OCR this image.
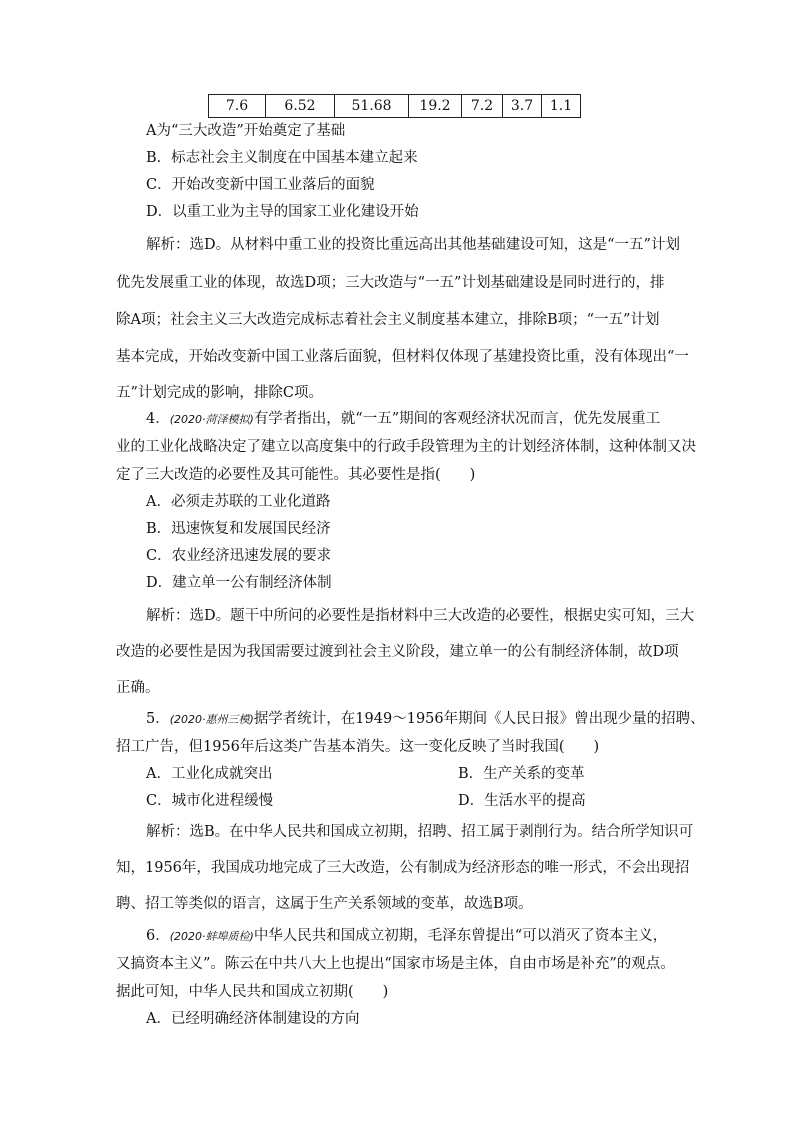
7.6	6.52	51.68	19.2	7.2	3.7	1.1
A为“三大改造”开始奠定了基础
B．标志社会主义制度在中国基本建立起来
C．开始改变新中国工业落后的面貌
D．以重工业为主导的国家工业化建设开始
解析：选D。从材料中重工业的投资比重远高出其他基础建设可知，这是“一五”计划
优先发展重工业的体现，故选D项；三大改造与“一五”计划基础建设是同时进行的，排
除A项；社会主义三大改造完成标志着社会主义制度基本建立，排除B项；“一五”计划
基本完成，开始改变新中国工业落后面貌，但材料仅体现了基建投资比重，没有体现出“一
五”计划完成的影响，排除C项。
4．(2020·菏泽模拟)有学者指出，就“一五”期间的客观经济状况而言，优先发展重工
业的工业化战略决定了建立以高度集中的行政手段管理为主的计划经济体制，这种体制又决
定了三大改造的必要性及其可能性。其必要性是指(　　)
A．必须走苏联的工业化道路
B．迅速恢复和发展国民经济
C．农业经济迅速发展的要求
D．建立单一公有制经济体制
解析：选D。题干中所问的必要性是指材料中三大改造的必要性，根据史实可知，三大
改造的必要性是因为我国需要过渡到社会主义阶段，建立单一的公有制经济体制，故D项
正确。
5．(2020·惠州三模)据学者统计，在1949～1956年期间《人民日报》曾出现少量的招聘、
招工广告，但1956年后这类广告基本消失。这一变化反映了当时我国(　　)
A．工业化成就突出	B．生产关系的变革
C．城市化进程缓慢	D．生活水平的提高
解析：选B。在中华人民共和国成立初期，招聘、招工属于剥削行为。结合所学知识可
知，1956年，我国成功地完成了三大改造，公有制成为经济形态的唯一形式，不会出现招
聘、招工等类似的语言，这属于生产关系领域的变革，故选B项。
6．(2020·蚌埠质检)中华人民共和国成立初期，毛泽东曾提出“可以消灭了资本主义，
又搞资本主义”。陈云在中共八大上也提出“国家市场是主体，自由市场是补充”的观点。
据此可知，中华人民共和国成立初期(　　)
A．已经明确经济体制建设的方向
